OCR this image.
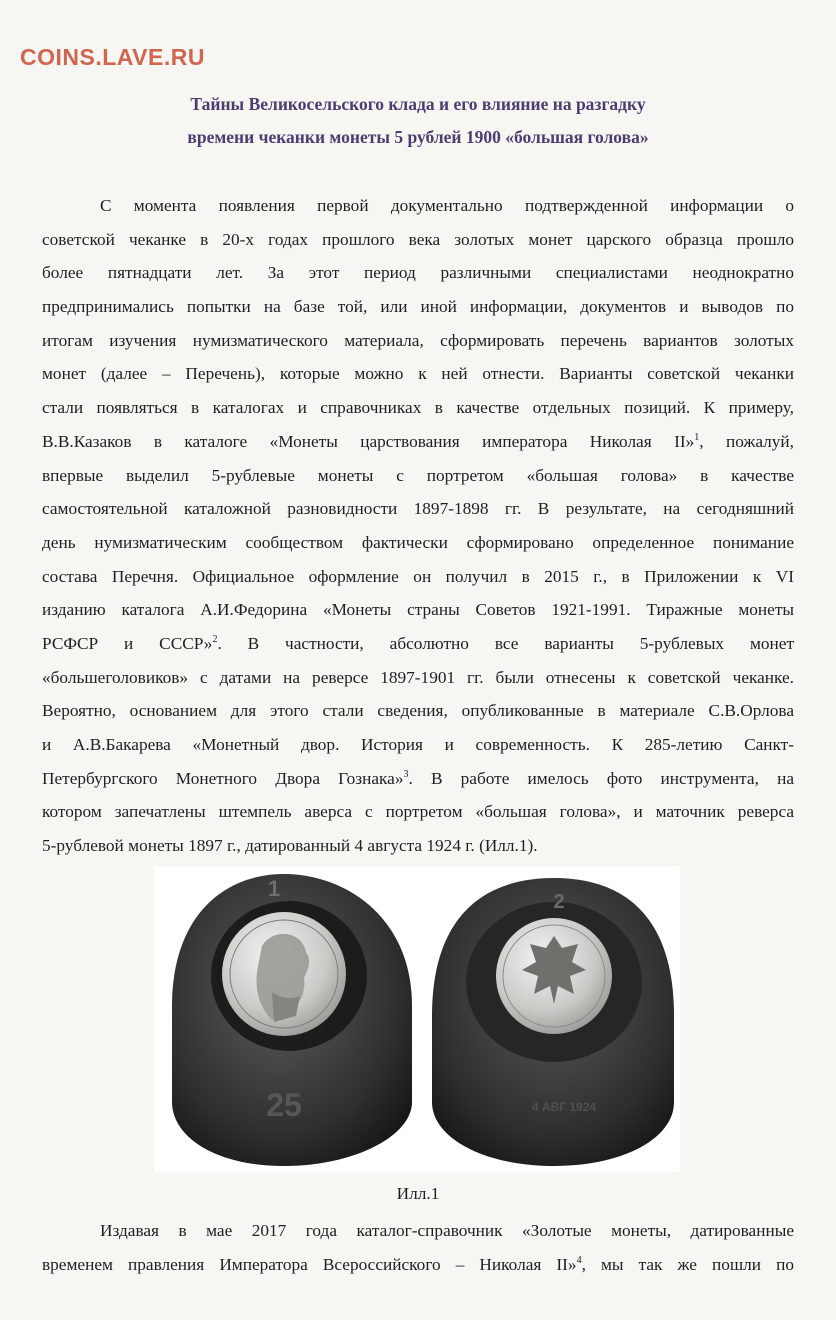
COINS.LAVE.RU
Тайны Великосельского клада и его влияние на разгадку
времени чеканки монеты 5 рублей 1900 «большая голова»
С момента появления первой документально подтвержденной информации о
советской чеканке в 20-х годах прошлого века золотых монет царского образца прошло
более пятнадцати лет. За этот период различными специалистами неоднократно
предпринимались попытки на базе той, или иной информации, документов и выводов по
итогам изучения нумизматического материала, сформировать перечень вариантов золотых
монет (далее – Перечень), которые можно к ней отнести. Варианты советской чеканки
стали появляться в каталогах и справочниках в качестве отдельных позиций. К примеру,
В.В.Казаков в каталоге «Монеты царствования императора Николая II»$^1$, пожалуй,
впервые выделил 5-рублевые монеты с портретом «большая голова» в качестве
самостоятельной каталожной разновидности 1897-1898 гг. В результате, на сегодняшний
день нумизматическим сообществом фактически сформировано определенное понимание
состава Перечня. Официальное оформление он получил в 2015 г., в Приложении к VI
изданию каталога А.И.Федорина «Монеты страны Советов 1921-1991. Тиражные монеты
РСФСР и СССР»$^2$. В частности, абсолютно все варианты 5-рублевых монет
«большеголовиков» с датами на реверсе 1897-1901 гг. были отнесены к советской чеканке.
Вероятно, основанием для этого стали сведения, опубликованные в материале С.В.Орлова
и А.В.Бакарева «Монетный двор. История и современность. К 285-летию Санкт-
Петербургского Монетного Двора Гознака»$^3$. В работе имелось фото инструмента, на
котором запечатлены штемпель аверса с портретом «большая голова», и маточник реверса
5-рублевой монеты 1897 г., датированный 4 августа 1924 г. (Илл.1).
1
25
2
4 АВГ 1924
Илл.1
Издавая в мае 2017 года каталог-справочник «Золотые монеты, датированные
временем правления Императора Всероссийского – Николая II»$^4$, мы так же пошли по
